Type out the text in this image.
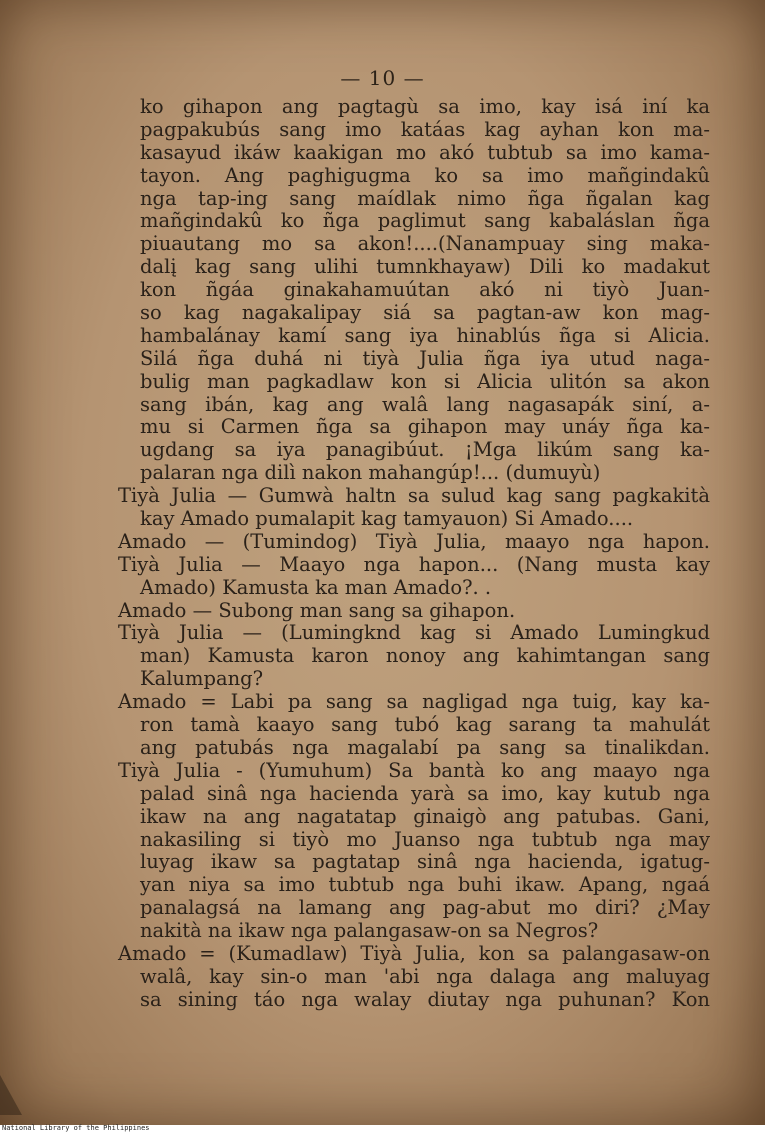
— 10 —
ko gihapon ang pagtagù sa imo, kay isá iní ka
pagpakubús sang imo katáas kag ayhan kon ma-
kasayud ikáw kaakigan mo akó tubtub sa imo kama-
tayon. Ang paghigugma ko sa imo mañgindakû
nga tap-ing sang maídlak nimo ñga ñgalan kag
mañgindakû ko ñga paglimut sang kabaláslan ñga
piuautang mo sa akon!....(Nanampuay sing maka-
dalį kag sang ulihi tumnkhayaw) Dili ko madakut
kon ñgáa ginakahamuútan akó ni tiyò Juan-
so kag nagakalipay siá sa pagtan-aw kon mag-
hambalánay kamí sang iya hinablús ñga si Alicia.
Silá ñga duhá ni tiyà Julia ñga iya utud naga-
bulig man pagkadlaw kon si Alicia ulitón sa akon
sang ibán, kag ang walâ lang nagasapák siní, a-
mu si Carmen ñga sa gihapon may unáy ñga ka-
ugdang sa iya panagibúut. ¡Mga likúm sang ka-
palaran nga dilì nakon mahangúp!... (dumuyù)
Tiyà Julia — Gumwà haltn sa sulud kag sang pagkakità
kay Amado pumalapit kag tamyauon) Si Amado....
Amado — (Tumindog) Tiyà Julia, maayo nga hapon.
Tiyà Julia — Maayo nga hapon... (Nang musta kay
Amado) Kamusta ka man Amado?. .
Amado — Subong man sang sa gihapon.
Tiyà Julia — (Lumingknd kag si Amado Lumingkud
man) Kamusta karon nonoy ang kahimtangan sang
Kalumpang?
Amado = Labi pa sang sa nagligad nga tuig, kay ka-
ron tamà kaayo sang tubó kag sarang ta mahulát
ang patubás nga magalabí pa sang sa tinalikdan.
Tiyà Julia - (Yumuhum) Sa bantà ko ang maayo nga
palad sinâ nga hacienda yarà sa imo, kay kutub nga
ikaw na ang nagatatap ginaigò ang patubas. Gani,
nakasiling si tiyò mo Juanso nga tubtub nga may
luyag ikaw sa pagtatap sinâ nga hacienda, igatug-
yan niya sa imo tubtub nga buhi ikaw. Apang, ngaá
panalagsá na lamang ang pag-abut mo diri? ¿May
nakità na ikaw nga palangasaw-on sa Negros?
Amado = (Kumadlaw) Tiyà Julia, kon sa palangasaw-on
walâ, kay sin-o man 'abi nga dalaga ang maluyag
sa sining táo nga walay diutay nga puhunan? Kon
National Library of the Philippines
